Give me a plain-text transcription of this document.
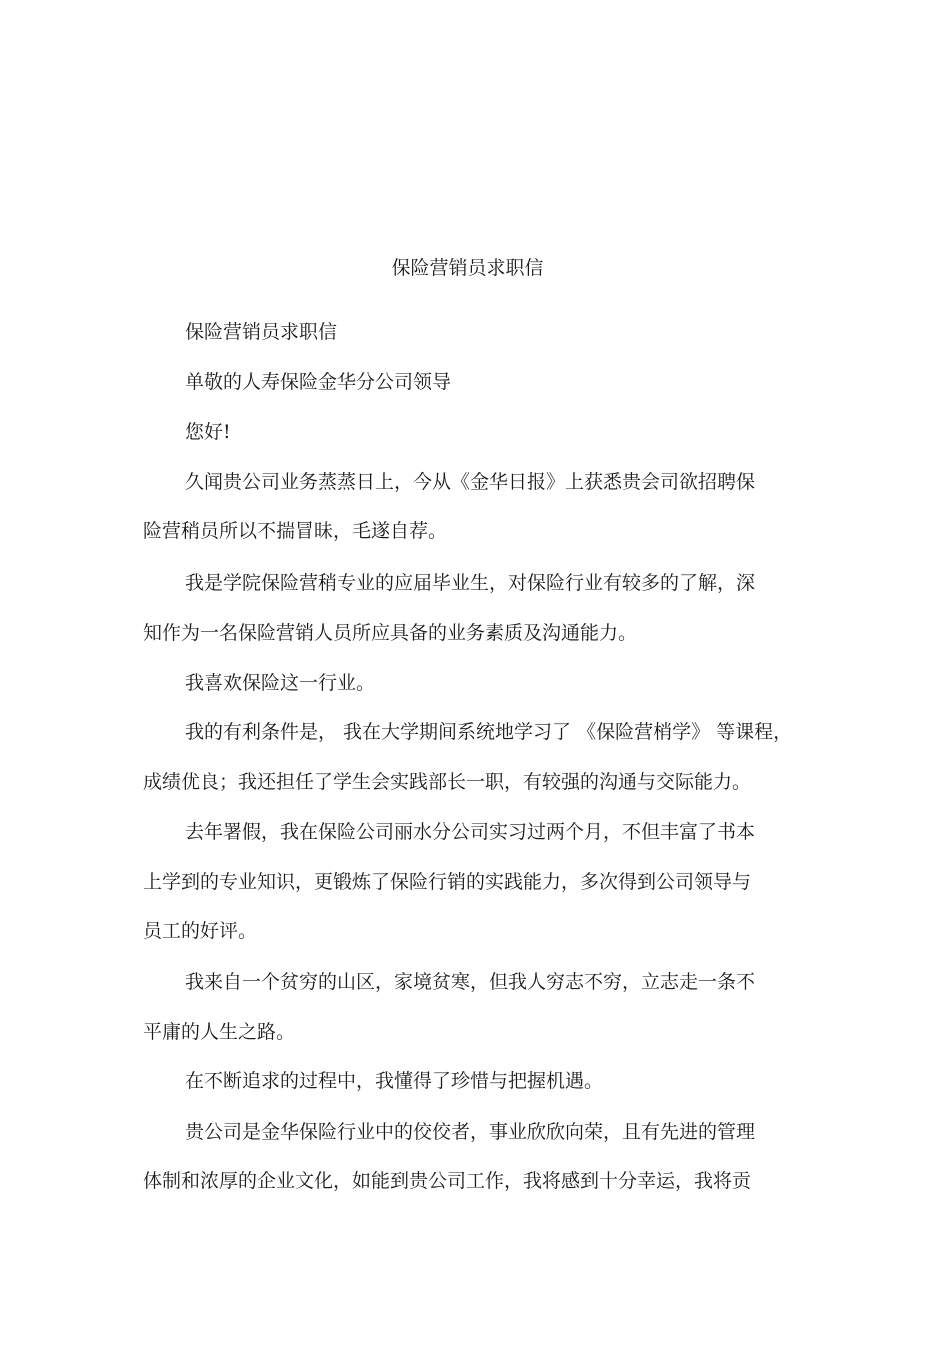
保险营销员求职信
保险营销员求职信
单敬的人寿保险金华分公司领导
您好!
久闻贵公司业务蒸蒸日上，今从《金华日报》上获悉贵会司欲招聘保
险营稍员所以不揣冒昧，毛遂自荐。
我是学院保险营稍专业的应届毕业生，对保险行业有较多的了解，深
知作为一名保险营销人员所应具备的业务素质及沟通能力。
我喜欢保险这一行业。
我的有利条件是， 我在大学期间系统地学习了 《保险营梢学》 等课程，
成绩优良；我还担任了学生会实践部长一职，有较强的沟通与交际能力。
去年署假，我在保险公司丽水分公司实习过两个月，不但丰富了书本
上学到的专业知识，更锻炼了保险行销的实践能力，多次得到公司领导与
员工的好评。
我来自一个贫穷的山区，家境贫寒，但我人穷志不穷，立志走一条不
平庸的人生之路。
在不断追求的过程中，我懂得了珍惜与把握机遇。
贵公司是金华保险行业中的佼佼者，事业欣欣向荣，且有先进的管理
体制和浓厚的企业文化，如能到贵公司工作，我将感到十分幸运，我将贡
